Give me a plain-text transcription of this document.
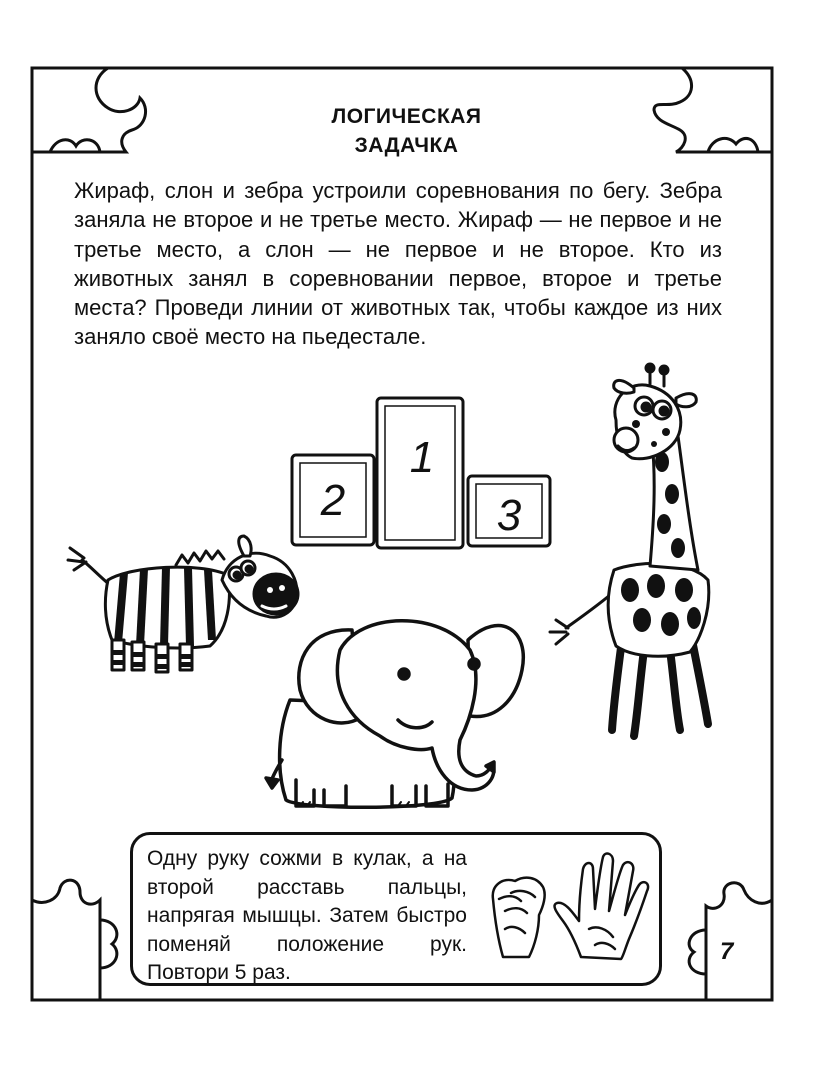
ЛОГИЧЕСКАЯ
ЗАДАЧКА

Жираф, слон и зебра устроили соревнования по бегу. Зебра заняла не второе и не третье место. Жираф — не первое и не третье место, а слон — не первое и не второе. Кто из животных занял в соревновании первое, второе и третье места? Проведи линии от животных так, чтобы каждое из них заняло своё место на пьедестале.

2
1
3

Одну руку сожми в кулак, а на второй расставь пальцы, напрягая мышцы. Затем быстро поменяй положение рук. Повтори 5 раз.

7
